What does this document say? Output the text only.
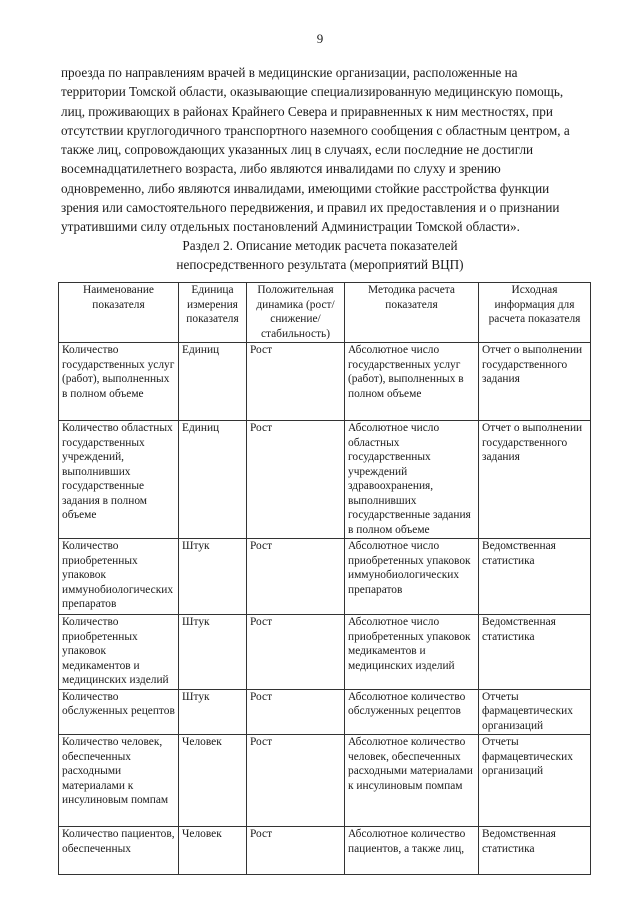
9
проезда по направлениям врачей в медицинские организации, расположенные на
территории Томской области, оказывающие специализированную медицинскую помощь,
лиц, проживающих в районах Крайнего Севера и приравненных к ним местностях, при
отсутствии круглогодичного транспортного наземного сообщения с областным центром, а
также лиц, сопровождающих указанных лиц в случаях, если последние не достигли
восемнадцатилетнего возраста, либо являются инвалидами по слуху и зрению
одновременно, либо являются инвалидами, имеющими стойкие расстройства функции
зрения или самостоятельного передвижения, и правил их предоставления и о признании
утратившими силу отдельных постановлений Администрации Томской области».
Раздел 2. Описание методик расчета показателей
непосредственного результата (мероприятий ВЦП)
Наименование показателя	Единица измерения показателя	Положительная динамика (рост/снижение/ стабильность)	Методика расчета показателя	Исходная информация для расчета показателя
Количество государственных услуг (работ), выполненных в полном объеме	Единиц	Рост	Абсолютное число государственных услуг (работ), выполненных в полном объеме	Отчет о выполнении государственного задания
Количество областных государственных учреждений, выполнивших государственные задания в полном объеме	Единиц	Рост	Абсолютное число областных государственных учреждений здравоохранения, выполнивших государственные задания в полном объеме	Отчет о выполнении государственного задания
Количество приобретенных упаковок иммунобиологических препаратов	Штук	Рост	Абсолютное число приобретенных упаковок иммунобиологических препаратов	Ведомственная статистика
Количество приобретенных упаковок медикаментов и медицинских изделий	Штук	Рост	Абсолютное число приобретенных упаковок медикаментов и медицинских изделий	Ведомственная статистика
Количество обслуженных рецептов	Штук	Рост	Абсолютное количество обслуженных рецептов	Отчеты фармацевтических организаций
Количество человек, обеспеченных расходными материалами к инсулиновым помпам	Человек	Рост	Абсолютное количество человек, обеспеченных расходными материалами к инсулиновым помпам	Отчеты фармацевтических организаций
Количество пациентов, обеспеченных	Человек	Рост	Абсолютное количество пациентов, а также лиц,	Ведомственная статистика
